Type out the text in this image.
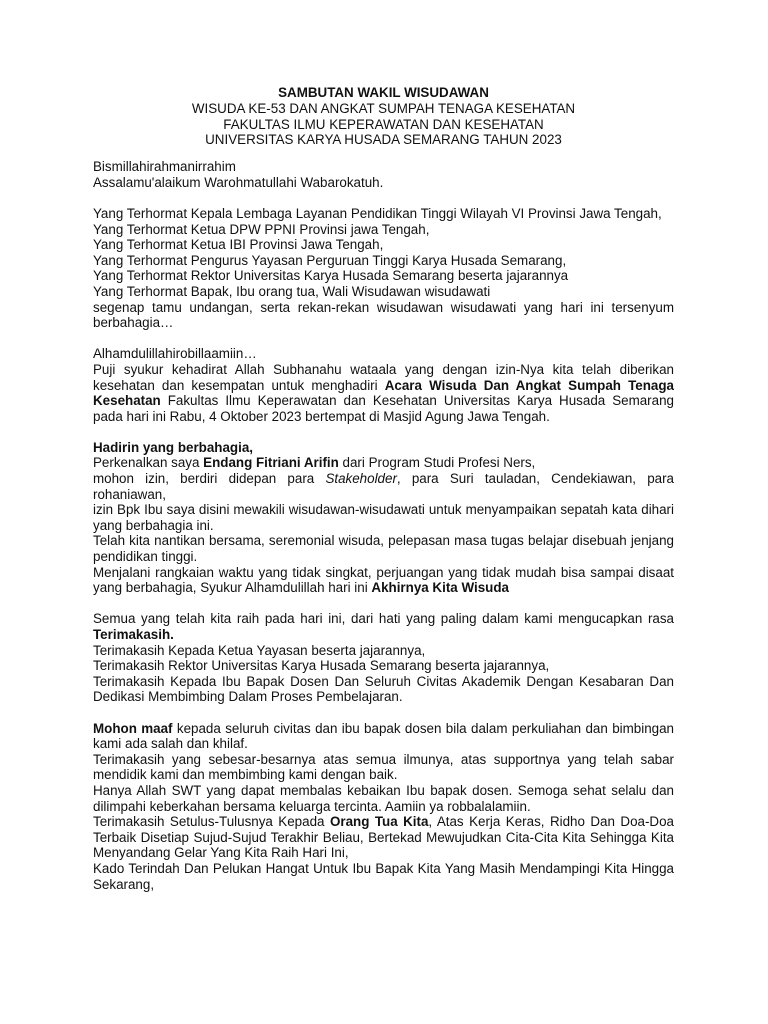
SAMBUTAN WAKIL WISUDAWAN
WISUDA KE-53 DAN ANGKAT SUMPAH TENAGA KESEHATAN
FAKULTAS ILMU KEPERAWATAN DAN KESEHATAN
UNIVERSITAS KARYA HUSADA SEMARANG TAHUN 2023

Bismillahirahmanirrahim

Assalamu'alaikum Warohmatullahi Wabarokatuh.

Yang Terhormat Kepala Lembaga Layanan Pendidikan Tinggi Wilayah VI Provinsi Jawa Tengah,

Yang Terhormat Ketua DPW PPNI Provinsi jawa Tengah,

Yang Terhormat Ketua IBI Provinsi Jawa Tengah,

Yang Terhormat Pengurus Yayasan Perguruan Tinggi Karya Husada Semarang,

Yang Terhormat Rektor Universitas Karya Husada Semarang beserta jajarannya

Yang Terhormat Bapak, Ibu orang tua, Wali Wisudawan wisudawati

segenap tamu undangan, serta rekan-rekan wisudawan wisudawati yang hari ini tersenyum berbahagia…

Alhamdulillahirobillaamiin…

Puji syukur kehadirat Allah Subhanahu wataala yang dengan izin-Nya kita telah diberikan kesehatan dan kesempatan untuk menghadiri Acara Wisuda Dan Angkat Sumpah Tenaga Kesehatan Fakultas Ilmu Keperawatan dan Kesehatan Universitas Karya Husada Semarang pada hari ini Rabu, 4 Oktober 2023 bertempat di Masjid Agung Jawa Tengah.

Hadirin yang berbahagia,

Perkenalkan saya Endang Fitriani Arifin dari Program Studi Profesi Ners,

mohon izin, berdiri didepan para Stakeholder, para Suri tauladan, Cendekiawan, para rohaniawan,

izin Bpk Ibu saya disini mewakili wisudawan-wisudawati untuk menyampaikan sepatah kata dihari yang berbahagia ini.

Telah kita nantikan bersama, seremonial wisuda, pelepasan masa tugas belajar disebuah jenjang pendidikan tinggi.

Menjalani rangkaian waktu yang tidak singkat, perjuangan yang tidak mudah bisa sampai disaat yang berbahagia, Syukur Alhamdulillah hari ini Akhirnya Kita Wisuda

Semua yang telah kita raih pada hari ini, dari hati yang paling dalam kami mengucapkan rasa Terimakasih.

Terimakasih Kepada Ketua Yayasan beserta jajarannya,

Terimakasih Rektor Universitas Karya Husada Semarang beserta jajarannya,

Terimakasih Kepada Ibu Bapak Dosen Dan Seluruh Civitas Akademik Dengan Kesabaran Dan Dedikasi Membimbing Dalam Proses Pembelajaran.

Mohon maaf kepada seluruh civitas dan ibu bapak dosen bila dalam perkuliahan dan bimbingan kami ada salah dan khilaf.

Terimakasih yang sebesar-besarnya atas semua ilmunya, atas supportnya yang telah sabar mendidik kami dan membimbing kami dengan baik.

Hanya Allah SWT yang dapat membalas kebaikan Ibu bapak dosen. Semoga sehat selalu dan dilimpahi keberkahan bersama keluarga tercinta. Aamiin ya robbalalamiin.

Terimakasih Setulus-Tulusnya Kepada Orang Tua Kita, Atas Kerja Keras, Ridho Dan Doa-Doa Terbaik Disetiap Sujud-Sujud Terakhir Beliau, Bertekad Mewujudkan Cita-Cita Kita Sehingga Kita Menyandang Gelar Yang Kita Raih Hari Ini,

Kado Terindah Dan Pelukan Hangat Untuk Ibu Bapak Kita Yang Masih Mendampingi Kita Hingga Sekarang,
